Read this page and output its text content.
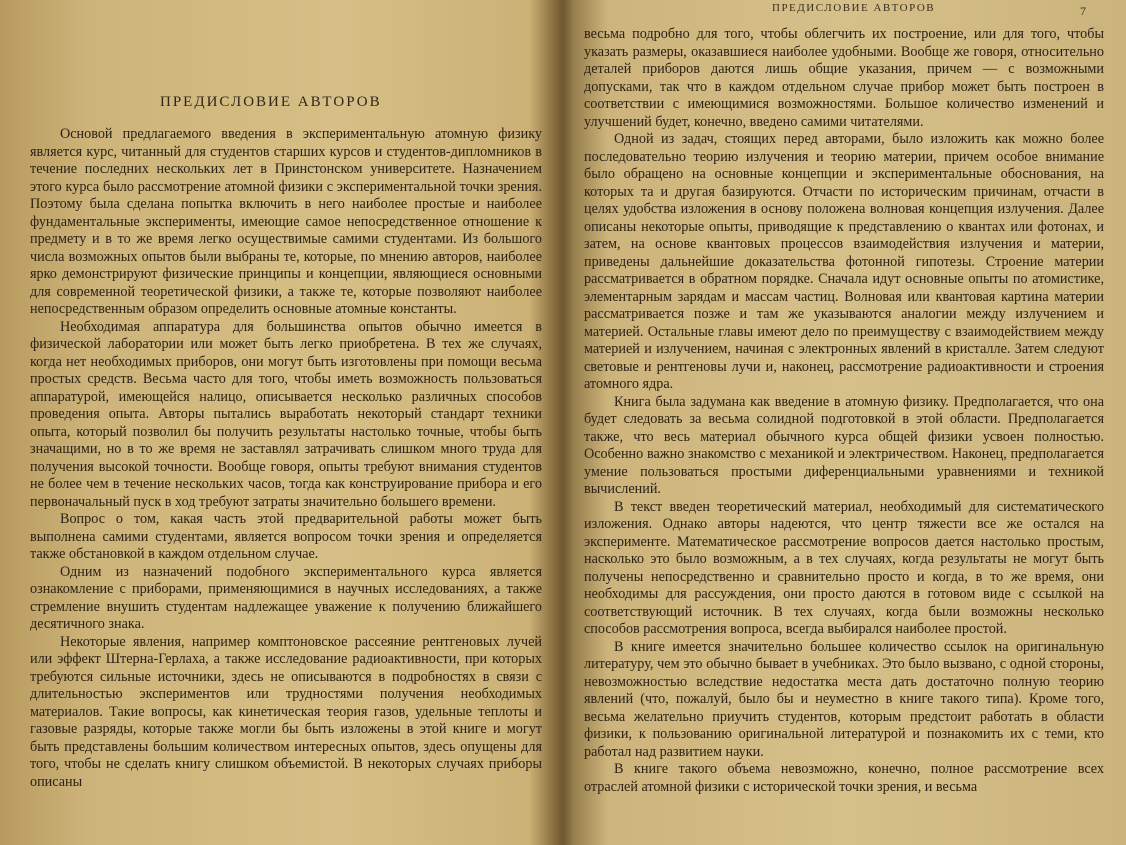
ПРЕДИСЛОВИЕ АВТОРОВ

Основой предлагаемого введения в экспериментальную атомную физику является курс, читанный для студентов старших курсов и студентов-дипломников в течение последних нескольких лет в Принстонском университете. Назначением этого курса было рассмотрение атомной физики с экспериментальной точки зрения. Поэтому была сделана попытка включить в него наиболее простые и наиболее фундаментальные эксперименты, имеющие самое непосредственное отношение к предмету и в то же время легко осуществимые самими студентами. Из большого числа возможных опытов были выбраны те, которые, по мнению авторов, наиболее ярко демонстрируют физические принципы и концепции, являющиеся основными для современной теоретической физики, а также те, которые позволяют наиболее непосредственным образом определить основные атомные константы.

Необходимая аппаратура для большинства опытов обычно имеется в физической лаборатории или может быть легко приобретена. В тех же случаях, когда нет необходимых приборов, они могут быть изготовлены при помощи весьма простых средств. Весьма часто для того, чтобы иметь возможность пользоваться аппаратурой, имеющейся налицо, описывается несколько различных способов проведения опыта. Авторы пытались выработать некоторый стандарт техники опыта, который позволил бы получить результаты настолько точные, чтобы быть значащими, но в то же время не заставлял затрачивать слишком много труда для получения высокой точности. Вообще говоря, опыты требуют внимания студентов не более чем в течение нескольких часов, тогда как конструирование прибора и его первоначальный пуск в ход требуют затраты значительно большего времени.

Вопрос о том, какая часть этой предварительной работы может быть выполнена самими студентами, является вопросом точки зрения и определяется также обстановкой в каждом отдельном случае.

Одним из назначений подобного экспериментального курса является ознакомление с приборами, применяющимися в научных исследованиях, а также стремление внушить студентам надлежащее уважение к получению ближайшего десятичного знака.

Некоторые явления, например комптоновское рассеяние рентгеновых лучей или эффект Штерна-Герлаха, а также исследование радиоактивности, при которых требуются сильные источники, здесь не описываются в подробностях в связи с длительностью экспериментов или трудностями получения необходимых материалов. Такие вопросы, как кинетическая теория газов, удельные теплоты и газовые разряды, которые также могли бы быть изложены в этой книге и могут быть представлены большим количеством интересных опытов, здесь опущены для того, чтобы не сделать книгу слишком объемистой. В некоторых случаях приборы описаны

ПРЕДИСЛОВИЕ АВТОРОВ	7

весьма подробно для того, чтобы облегчить их построение, или для того, чтобы указать размеры, оказавшиеся наиболее удобными. Вообще же говоря, относительно деталей приборов даются лишь общие указания, причем — с возможными допусками, так что в каждом отдельном случае прибор может быть построен в соответствии с имеющимися возможностями. Большое количество изменений и улучшений будет, конечно, введено самими читателями.

Одной из задач, стоящих перед авторами, было изложить как можно более последовательно теорию излучения и теорию материи, причем особое внимание было обращено на основные концепции и экспериментальные обоснования, на которых та и другая базируются. Отчасти по историческим причинам, отчасти в целях удобства изложения в основу положена волновая концепция излучения. Далее описаны некоторые опыты, приводящие к представлению о квантах или фотонах, и затем, на основе квантовых процессов взаимодействия излучения и материи, приведены дальнейшие доказательства фотонной гипотезы. Строение материи рассматривается в обратном порядке. Сначала идут основные опыты по атомистике, элементарным зарядам и массам частиц. Волновая или квантовая картина материи рассматривается позже и там же указываются аналогии между излучением и материей. Остальные главы имеют дело по преимуществу с взаимодействием между материей и излучением, начиная с электронных явлений в кристалле. Затем следуют световые и рентгеновы лучи и, наконец, рассмотрение радиоактивности и строения атомного ядра.

Книга была задумана как введение в атомную физику. Предполагается, что она будет следовать за весьма солидной подготовкой в этой области. Предполагается также, что весь материал обычного курса общей физики усвоен полностью. Особенно важно знакомство с механикой и электричеством. Наконец, предполагается умение пользоваться простыми диференциальными уравнениями и техникой вычислений.

В текст введен теоретический материал, необходимый для систематического изложения. Однако авторы надеются, что центр тяжести все же остался на эксперименте. Математическое рассмотрение вопросов дается настолько простым, насколько это было возможным, а в тех случаях, когда результаты не могут быть получены непосредственно и сравнительно просто и когда, в то же время, они необходимы для рассуждения, они просто даются в готовом виде с ссылкой на соответствующий источник. В тех случаях, когда были возможны несколько способов рассмотрения вопроса, всегда выбирался наиболее простой.

В книге имеется значительно большее количество ссылок на оригинальную литературу, чем это обычно бывает в учебниках. Это было вызвано, с одной стороны, невозможностью вследствие недостатка места дать достаточно полную теорию явлений (что, пожалуй, было бы и неуместно в книге такого типа). Кроме того, весьма желательно приучить студентов, которым предстоит работать в области физики, к пользованию оригинальной литературой и познакомить их с теми, кто работал над развитием науки.

В книге такого объема невозможно, конечно, полное рассмотрение всех отраслей атомной физики с исторической точки зрения, и весьма
